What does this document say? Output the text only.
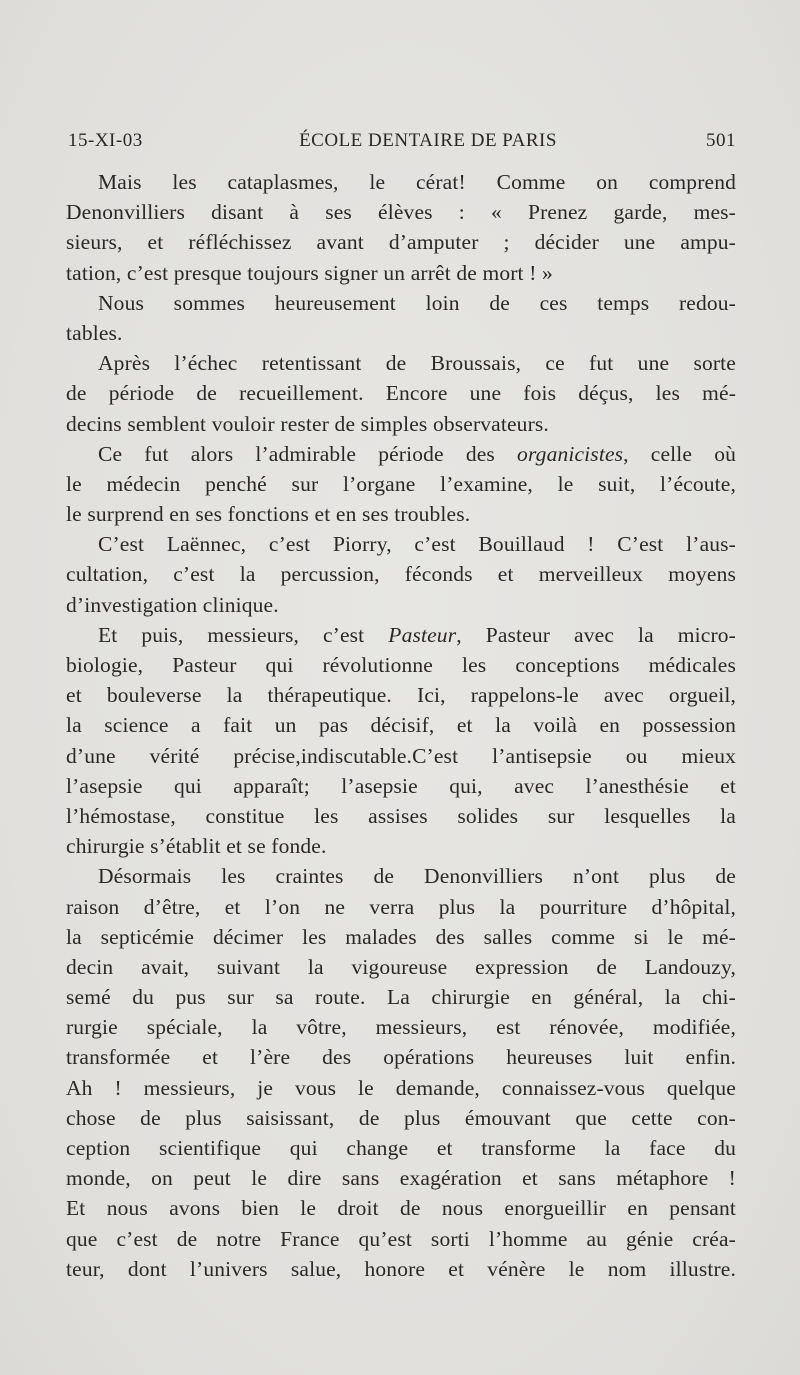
15-XI-03	ÉCOLE DENTAIRE DE PARIS	501
Mais les cataplasmes, le cérat! Comme on comprend
Denonvilliers disant à ses élèves : « Prenez garde, mes-
sieurs, et réfléchissez avant d’amputer ; décider une ampu-
tation, c’est presque toujours signer un arrêt de mort ! »
Nous sommes heureusement loin de ces temps redou-
tables.
Après l’échec retentissant de Broussais, ce fut une sorte
de période de recueillement. Encore une fois déçus, les mé-
decins semblent vouloir rester de simples observateurs.
Ce fut alors l’admirable période des organicistes, celle où
le médecin penché sur l’organe l’examine, le suit, l’écoute,
le surprend en ses fonctions et en ses troubles.
C’est Laënnec, c’est Piorry, c’est Bouillaud ! C’est l’aus-
cultation, c’est la percussion, féconds et merveilleux moyens
d’investigation clinique.
Et puis, messieurs, c’est Pasteur, Pasteur avec la micro-
biologie, Pasteur qui révolutionne les conceptions médicales
et bouleverse la thérapeutique. Ici, rappelons-le avec orgueil,
la science a fait un pas décisif, et la voilà en possession
d’une vérité précise,indiscutable.C’est l’antisepsie ou mieux
l’asepsie qui apparaît; l’asepsie qui, avec l’anesthésie et
l’hémostase, constitue les assises solides sur lesquelles la
chirurgie s’établit et se fonde.
Désormais les craintes de Denonvilliers n’ont plus de
raison d’être, et l’on ne verra plus la pourriture d’hôpital,
la septicémie décimer les malades des salles comme si le mé-
decin avait, suivant la vigoureuse expression de Landouzy,
semé du pus sur sa route. La chirurgie en général, la chi-
rurgie spéciale, la vôtre, messieurs, est rénovée, modifiée,
transformée et l’ère des opérations heureuses luit enfin.
Ah ! messieurs, je vous le demande, connaissez-vous quelque
chose de plus saisissant, de plus émouvant que cette con-
ception scientifique qui change et transforme la face du
monde, on peut le dire sans exagération et sans métaphore !
Et nous avons bien le droit de nous enorgueillir en pensant
que c’est de notre France qu’est sorti l’homme au génie créa-
teur, dont l’univers salue, honore et vénère le nom illustre.
